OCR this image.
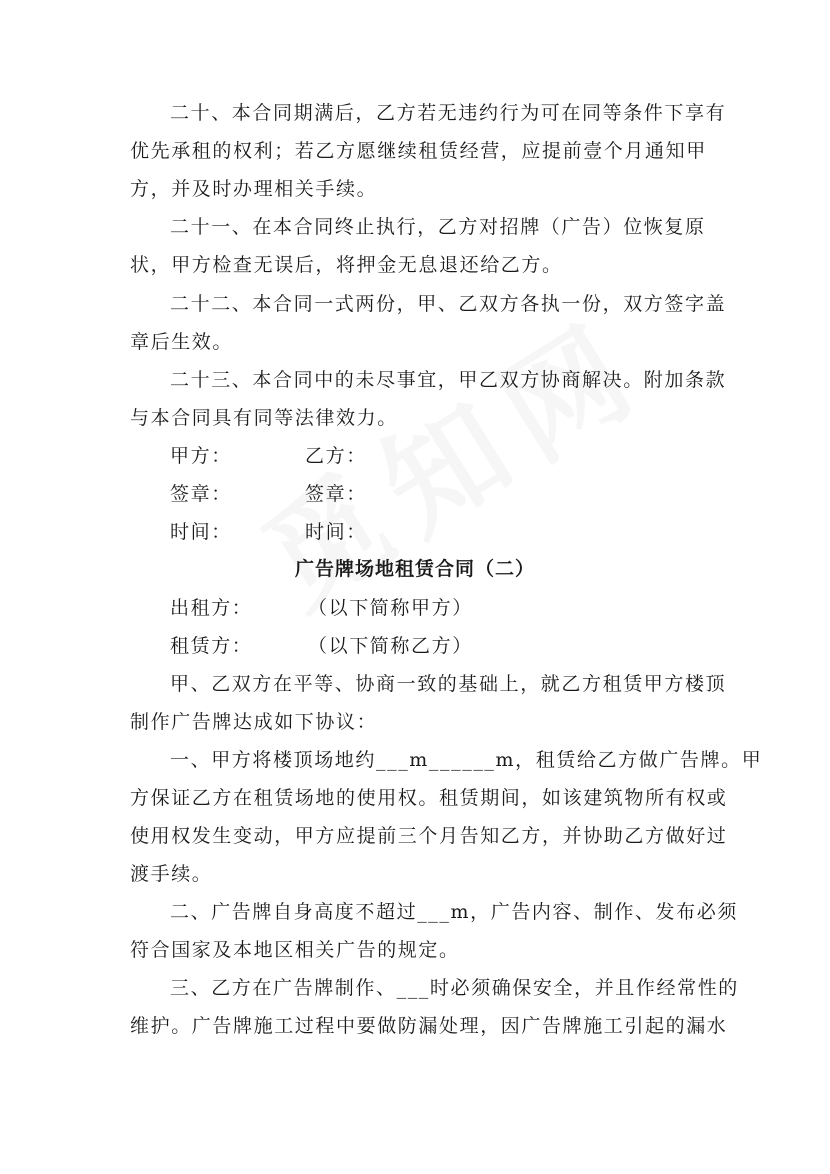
二十、本合同期满后，乙方若无违约行为可在同等条件下享有
优先承租的权利；若乙方愿继续租赁经营，应提前壹个月通知甲
方，并及时办理相关手续。
二十一、在本合同终止执行，乙方对招牌（广告）位恢复原
状，甲方检查无误后，将押金无息退还给乙方。
二十二、本合同一式两份，甲、乙双方各执一份，双方签字盖
章后生效。
二十三、本合同中的未尽事宜，甲乙双方协商解决。附加条款
与本合同具有同等法律效力。
甲方：	乙方：
签章：	签章：
时间：	时间：
广告牌场地租赁合同（二）
出租方：	（以下简称甲方）
租赁方：	（以下简称乙方）
甲、乙双方在平等、协商一致的基础上，就乙方租赁甲方楼顶
制作广告牌达成如下协议：
一、甲方将楼顶场地约___m______m，租赁给乙方做广告牌。甲
方保证乙方在租赁场地的使用权。租赁期间，如该建筑物所有权或
使用权发生变动，甲方应提前三个月告知乙方，并协助乙方做好过
渡手续。
二、广告牌自身高度不超过___m，广告内容、制作、发布必须
符合国家及本地区相关广告的规定。
三、乙方在广告牌制作、___时必须确保安全，并且作经常性的
维护。广告牌施工过程中要做防漏处理，因广告牌施工引起的漏水
